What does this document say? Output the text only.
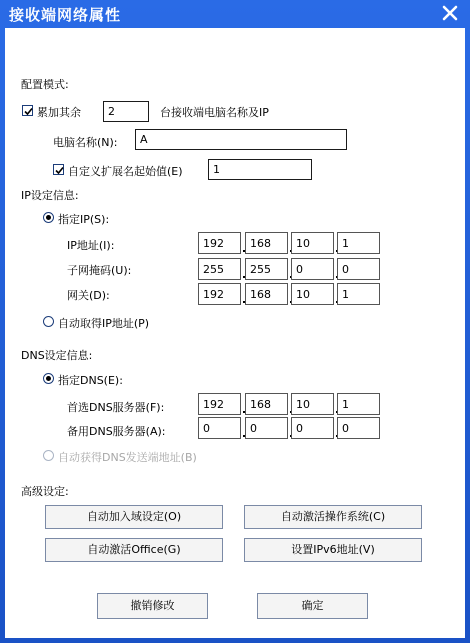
接收端网络属性
配置模式:
累加其余
2	台接收端电脑名称及IP
电脑名称(N):
A
自定义扩展名起始值(E)
1
IP设定信息:
指定IP(S):
IP地址(I):	192	168	10	1
子网掩码(U):	255	255	0	0
网关(D):	192	168	10	1
自动取得IP地址(P)
DNS设定信息:
指定DNS(E):
首选DNS服务器(F):	192	168	10	1
备用DNS服务器(A):	0	0	0	0
自动获得DNS发送端地址(B)
高级设定:
自动加入域设定(O)	自动激活操作系统(C)
自动激活Office(G)	设置IPv6地址(V)
撤销修改	确定
